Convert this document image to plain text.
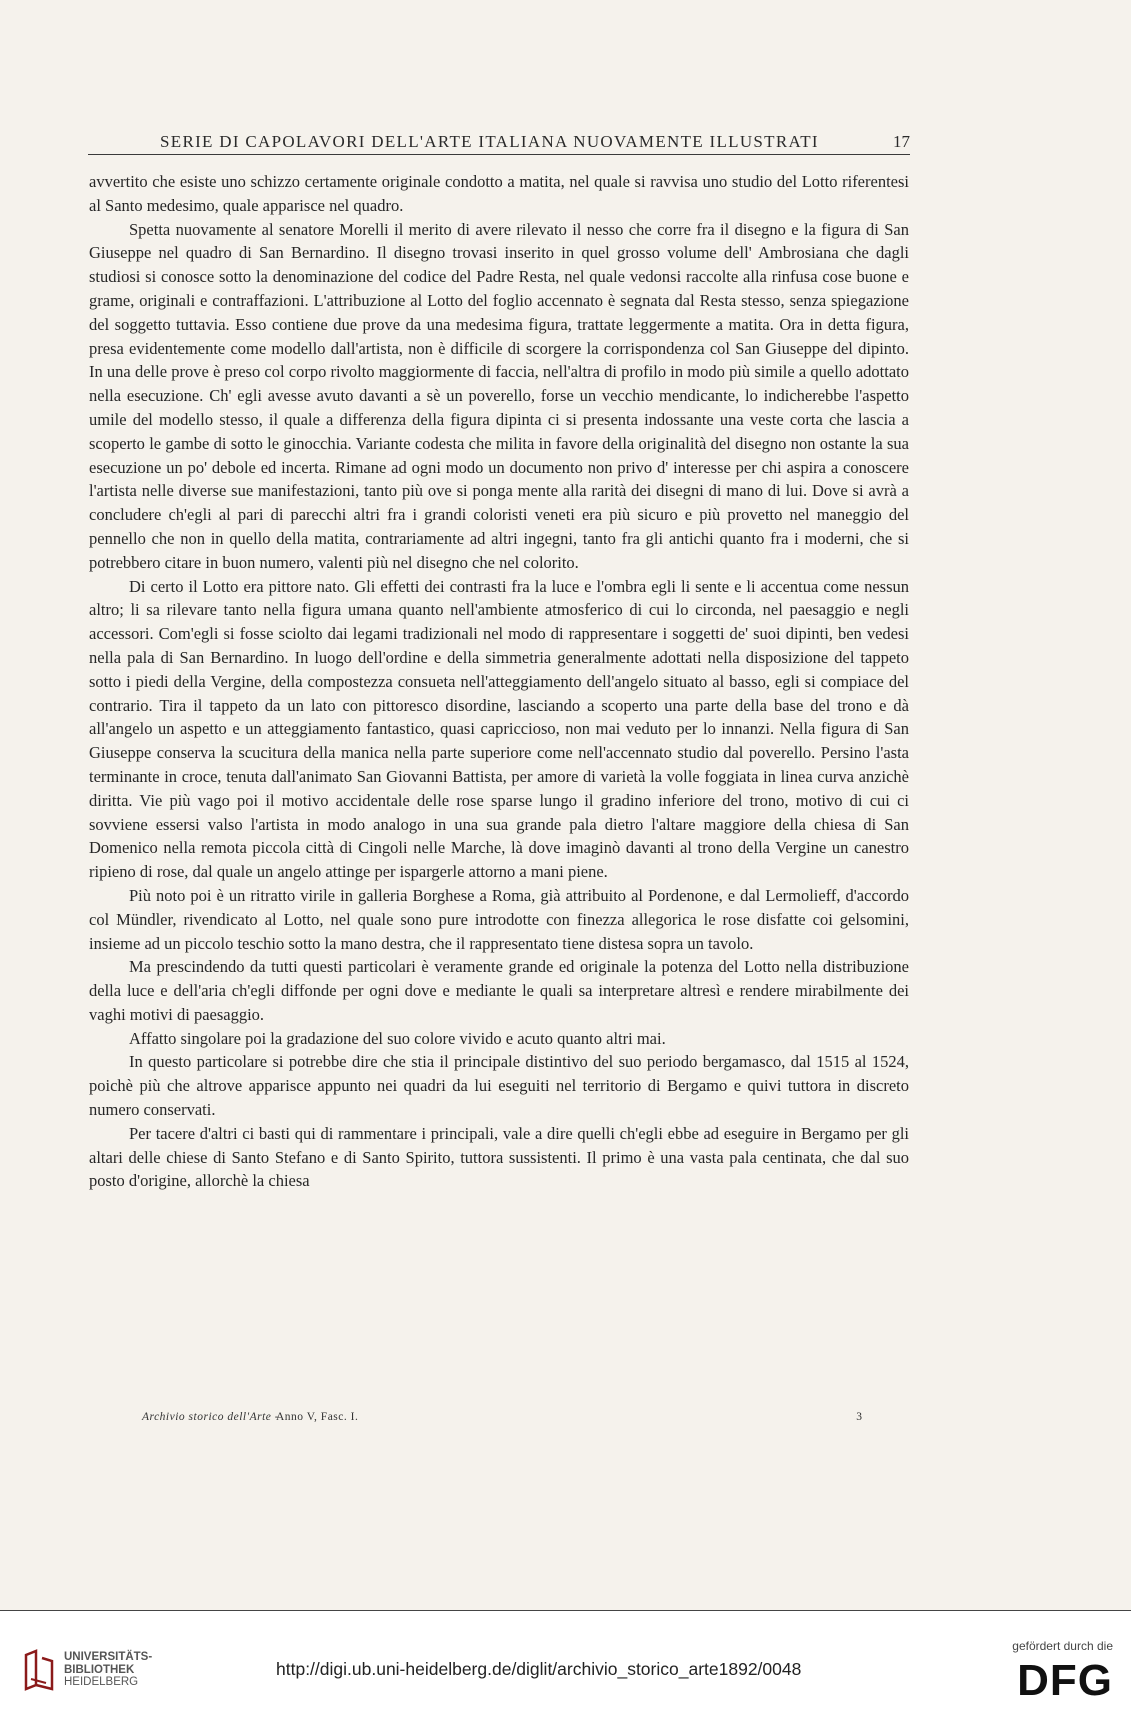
SERIE DI CAPOLAVORI DELL'ARTE ITALIANA NUOVAMENTE ILLUSTRATI	17

avvertito che esiste uno schizzo certamente originale condotto a matita, nel quale si ravvisa uno studio del Lotto riferentesi al Santo medesimo, quale apparisce nel quadro.

Spetta nuovamente al senatore Morelli il merito di avere rilevato il nesso che corre fra il disegno e la figura di San Giuseppe nel quadro di San Bernardino. Il disegno trovasi inserito in quel grosso volume dell' Ambrosiana che dagli studiosi si conosce sotto la denominazione del codice del Padre Resta, nel quale vedonsi raccolte alla rinfusa cose buone e grame, originali e contraffazioni. L'attribuzione al Lotto del foglio accennato è segnata dal Resta stesso, senza spiegazione del soggetto tuttavia. Esso contiene due prove da una medesima figura, trattate leggermente a matita. Ora in detta figura, presa evidentemente come modello dall'artista, non è difficile di scorgere la corrispondenza col San Giuseppe del dipinto. In una delle prove è preso col corpo rivolto maggiormente di faccia, nell'altra di profilo in modo più simile a quello adottato nella esecuzione. Ch' egli avesse avuto davanti a sè un poverello, forse un vecchio mendicante, lo indicherebbe l'aspetto umile del modello stesso, il quale a differenza della figura dipinta ci si presenta indossante una veste corta che lascia a scoperto le gambe di sotto le ginocchia. Variante codesta che milita in favore della originalità del disegno non ostante la sua esecuzione un po' debole ed incerta. Rimane ad ogni modo un documento non privo d' interesse per chi aspira a conoscere l'artista nelle diverse sue manifestazioni, tanto più ove si ponga mente alla rarità dei disegni di mano di lui. Dove si avrà a concludere ch'egli al pari di parecchi altri fra i grandi coloristi veneti era più sicuro e più provetto nel maneggio del pennello che non in quello della matita, contrariamente ad altri ingegni, tanto fra gli antichi quanto fra i moderni, che si potrebbero citare in buon numero, valenti più nel disegno che nel colorito.

Di certo il Lotto era pittore nato. Gli effetti dei contrasti fra la luce e l'ombra egli li sente e li accentua come nessun altro; li sa rilevare tanto nella figura umana quanto nell'ambiente atmosferico di cui lo circonda, nel paesaggio e negli accessori. Com'egli si fosse sciolto dai legami tradizionali nel modo di rappresentare i soggetti de' suoi dipinti, ben vedesi nella pala di San Bernardino. In luogo dell'ordine e della simmetria generalmente adottati nella disposizione del tappeto sotto i piedi della Vergine, della compostezza consueta nell'atteggiamento dell'angelo situato al basso, egli si compiace del contrario. Tira il tappeto da un lato con pittoresco disordine, lasciando a scoperto una parte della base del trono e dà all'angelo un aspetto e un atteggiamento fantastico, quasi capriccioso, non mai veduto per lo innanzi. Nella figura di San Giuseppe conserva la scucitura della manica nella parte superiore come nell'accennato studio dal poverello. Persino l'asta terminante in croce, tenuta dall'animato San Giovanni Battista, per amore di varietà la volle foggiata in linea curva anzichè diritta. Vie più vago poi il motivo accidentale delle rose sparse lungo il gradino inferiore del trono, motivo di cui ci sovviene essersi valso l'artista in modo analogo in una sua grande pala dietro l'altare maggiore della chiesa di San Domenico nella remota piccola città di Cingoli nelle Marche, là dove imaginò davanti al trono della Vergine un canestro ripieno di rose, dal quale un angelo attinge per ispargerle attorno a mani piene.

Più noto poi è un ritratto virile in galleria Borghese a Roma, già attribuito al Pordenone, e dal Lermolieff, d'accordo col Mündler, rivendicato al Lotto, nel quale sono pure introdotte con finezza allegorica le rose disfatte coi gelsomini, insieme ad un piccolo teschio sotto la mano destra, che il rappresentato tiene distesa sopra un tavolo.

Ma prescindendo da tutti questi particolari è veramente grande ed originale la potenza del Lotto nella distribuzione della luce e dell'aria ch'egli diffonde per ogni dove e mediante le quali sa interpretare altresì e rendere mirabilmente dei vaghi motivi di paesaggio.

Affatto singolare poi la gradazione del suo colore vivido e acuto quanto altri mai.

In questo particolare si potrebbe dire che stia il principale distintivo del suo periodo bergamasco, dal 1515 al 1524, poichè più che altrove apparisce appunto nei quadri da lui eseguiti nel territorio di Bergamo e quivi tuttora in discreto numero conservati.

Per tacere d'altri ci basti qui di rammentare i principali, vale a dire quelli ch'egli ebbe ad eseguire in Bergamo per gli altari delle chiese di Santo Stefano e di Santo Spirito, tuttora sussistenti. Il primo è una vasta pala centinata, che dal suo posto d'origine, allorchè la chiesa

Archivio storico dell'Arte -
Anno V, Fasc. I.	3
UNIVERSITÄTS-
BIBLIOTHEK
HEIDELBERG
http://digi.ub.uni-heidelberg.de/diglit/archivio_storico_arte1892/0048
gefördert durch die
DFG
